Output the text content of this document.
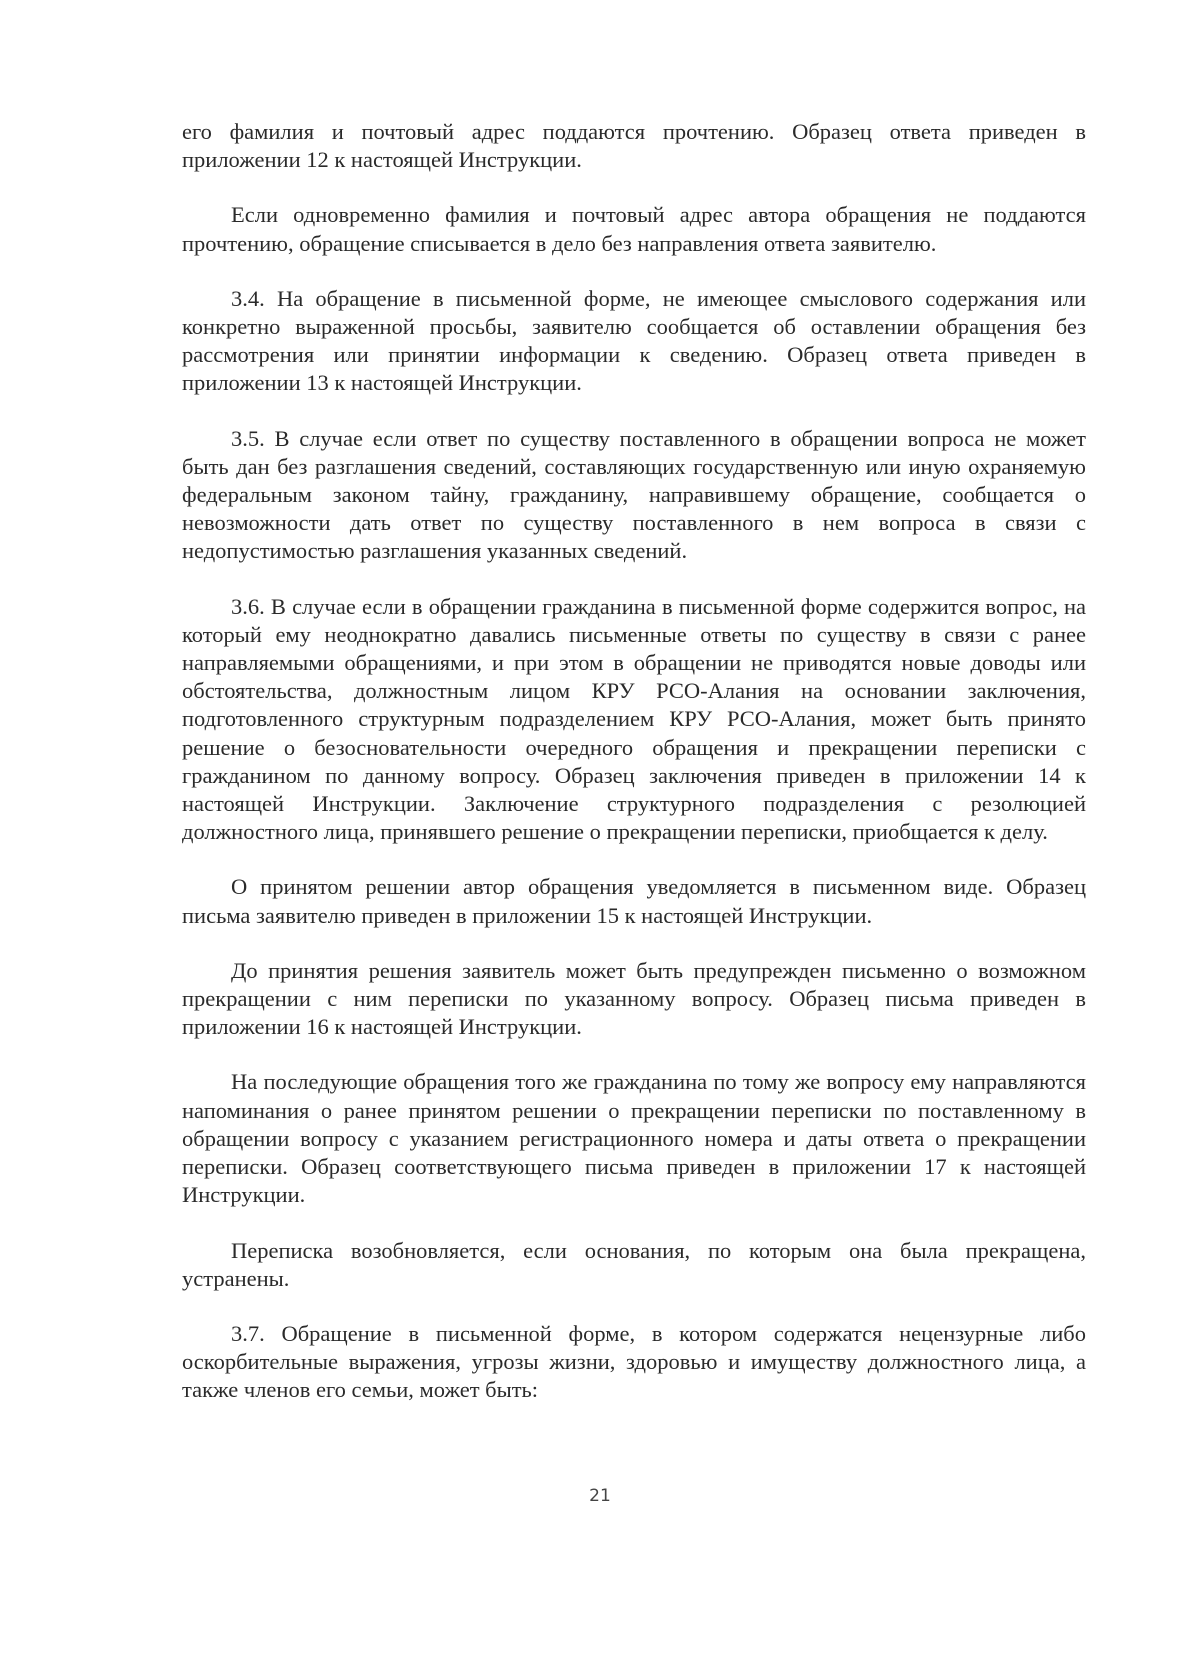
его фамилия и почтовый адрес поддаются прочтению. Образец ответа приведен в приложении 12 к настоящей Инструкции.

Если одновременно фамилия и почтовый адрес автора обращения не поддаются прочтению, обращение списывается в дело без направления ответа заявителю.

3.4. На обращение в письменной форме, не имеющее смыслового содержания или конкретно выраженной просьбы, заявителю сообщается об оставлении обращения без рассмотрения или принятии информации к сведению. Образец ответа приведен в приложении 13 к настоящей Инструкции.

3.5. В случае если ответ по существу поставленного в обращении вопроса не может быть дан без разглашения сведений, составляющих государственную или иную охраняемую федеральным законом тайну, гражданину, направившему обращение, сообщается о невозможности дать ответ по существу поставленного в нем вопроса в связи с недопустимостью разглашения указанных сведений.

3.6. В случае если в обращении гражданина в письменной форме содержится вопрос, на который ему неоднократно давались письменные ответы по существу в связи с ранее направляемыми обращениями, и при этом в обращении не приводятся новые доводы или обстоятельства, должностным лицом КРУ РСО-Алания на основании заключения, подготовленного структурным подразделением КРУ РСО-Алания, может быть принято решение о безосновательности очередного обращения и прекращении переписки с гражданином по данному вопросу. Образец заключения приведен в приложении 14 к настоящей Инструкции. Заключение структурного подразделения с резолюцией должностного лица, принявшего решение о прекращении переписки, приобщается к делу.

О принятом решении автор обращения уведомляется в письменном виде. Образец письма заявителю приведен в приложении 15 к настоящей Инструкции.

До принятия решения заявитель может быть предупрежден письменно о возможном прекращении с ним переписки по указанному вопросу. Образец письма приведен в приложении 16 к настоящей Инструкции.

На последующие обращения того же гражданина по тому же вопросу ему направляются напоминания о ранее принятом решении о прекращении переписки по поставленному в обращении вопросу с указанием регистрационного номера и даты ответа о прекращении переписки. Образец соответствующего письма приведен в приложении 17 к настоящей Инструкции.

Переписка возобновляется, если основания, по которым она была прекращена, устранены.

3.7. Обращение в письменной форме, в котором содержатся нецензурные либо оскорбительные выражения, угрозы жизни, здоровью и имуществу должностного лица, а также членов его семьи, может быть:

21
